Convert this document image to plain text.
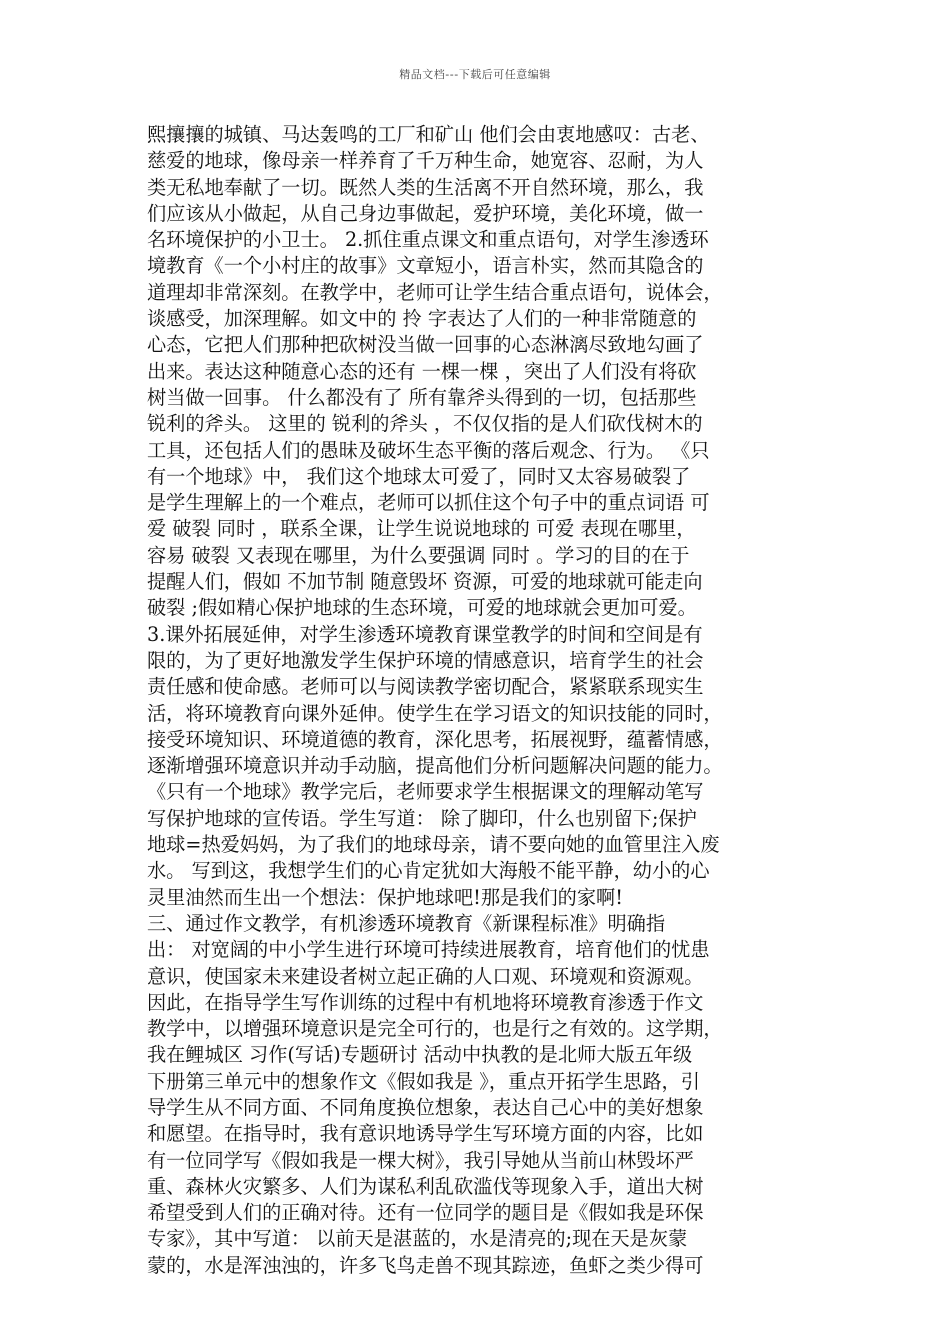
精品文档---下载后可任意编辑
熙攘攘的城镇、马达轰鸣的工厂和矿山 他们会由衷地感叹：古老、
慈爱的地球，像母亲一样养育了千万种生命，她宽容、忍耐，为人
类无私地奉献了一切。既然人类的生活离不开自然环境，那么，我
们应该从小做起，从自己身边事做起，爱护环境，美化环境，做一
名环境保护的小卫士。 2.抓住重点课文和重点语句，对学生渗透环
境教育《一个小村庄的故事》文章短小，语言朴实，然而其隐含的
道理却非常深刻。在教学中，老师可让学生结合重点语句，说体会，
谈感受，加深理解。如文中的 拎 字表达了人们的一种非常随意的
心态，它把人们那种把砍树没当做一回事的心态淋漓尽致地勾画了
出来。表达这种随意心态的还有 一棵一棵 ，突出了人们没有将砍
树当做一回事。 什么都没有了 所有靠斧头得到的一切，包括那些
锐利的斧头。 这里的 锐利的斧头 ，不仅仅指的是人们砍伐树木的
工具，还包括人们的愚昧及破坏生态平衡的落后观念、行为。 《只
有一个地球》中， 我们这个地球太可爱了，同时又太容易破裂了
是学生理解上的一个难点，老师可以抓住这个句子中的重点词语 可
爱 破裂 同时 ，联系全课，让学生说说地球的 可爱 表现在哪里，
容易 破裂 又表现在哪里，为什么要强调 同时 。学习的目的在于
提醒人们，假如 不加节制 随意毁坏 资源，可爱的地球就可能走向
破裂 ;假如精心保护地球的生态环境，可爱的地球就会更加可爱。
3.课外拓展延伸，对学生渗透环境教育课堂教学的时间和空间是有
限的，为了更好地激发学生保护环境的情感意识，培育学生的社会
责任感和使命感。老师可以与阅读教学密切配合，紧紧联系现实生
活，将环境教育向课外延伸。使学生在学习语文的知识技能的同时，
接受环境知识、环境道德的教育，深化思考，拓展视野，蕴蓄情感，
逐渐增强环境意识并动手动脑，提高他们分析问题解决问题的能力。
《只有一个地球》教学完后，老师要求学生根据课文的理解动笔写
写保护地球的宣传语。学生写道： 除了脚印，什么也别留下;保护
地球=热爱妈妈，为了我们的地球母亲，请不要向她的血管里注入废
水。 写到这，我想学生们的心肯定犹如大海般不能平静，幼小的心
灵里油然而生出一个想法：保护地球吧!那是我们的家啊!
三、通过作文教学，有机渗透环境教育《新课程标准》明确指
出： 对宽阔的中小学生进行环境可持续进展教育，培育他们的忧患
意识，使国家未来建设者树立起正确的人口观、环境观和资源观。
因此，在指导学生写作训练的过程中有机地将环境教育渗透于作文
教学中，以增强环境意识是完全可行的，也是行之有效的。这学期，
我在鲤城区 习作(写话)专题研讨 活动中执教的是北师大版五年级
下册第三单元中的想象作文《假如我是 》，重点开拓学生思路，引
导学生从不同方面、不同角度换位想象，表达自己心中的美好想象
和愿望。在指导时，我有意识地诱导学生写环境方面的内容，比如
有一位同学写《假如我是一棵大树》，我引导她从当前山林毁坏严
重、森林火灾繁多、人们为谋私利乱砍滥伐等现象入手，道出大树
希望受到人们的正确对待。还有一位同学的题目是《假如我是环保
专家》，其中写道： 以前天是湛蓝的，水是清亮的;现在天是灰蒙
蒙的，水是浑浊浊的，许多飞鸟走兽不现其踪迹，鱼虾之类少得可
